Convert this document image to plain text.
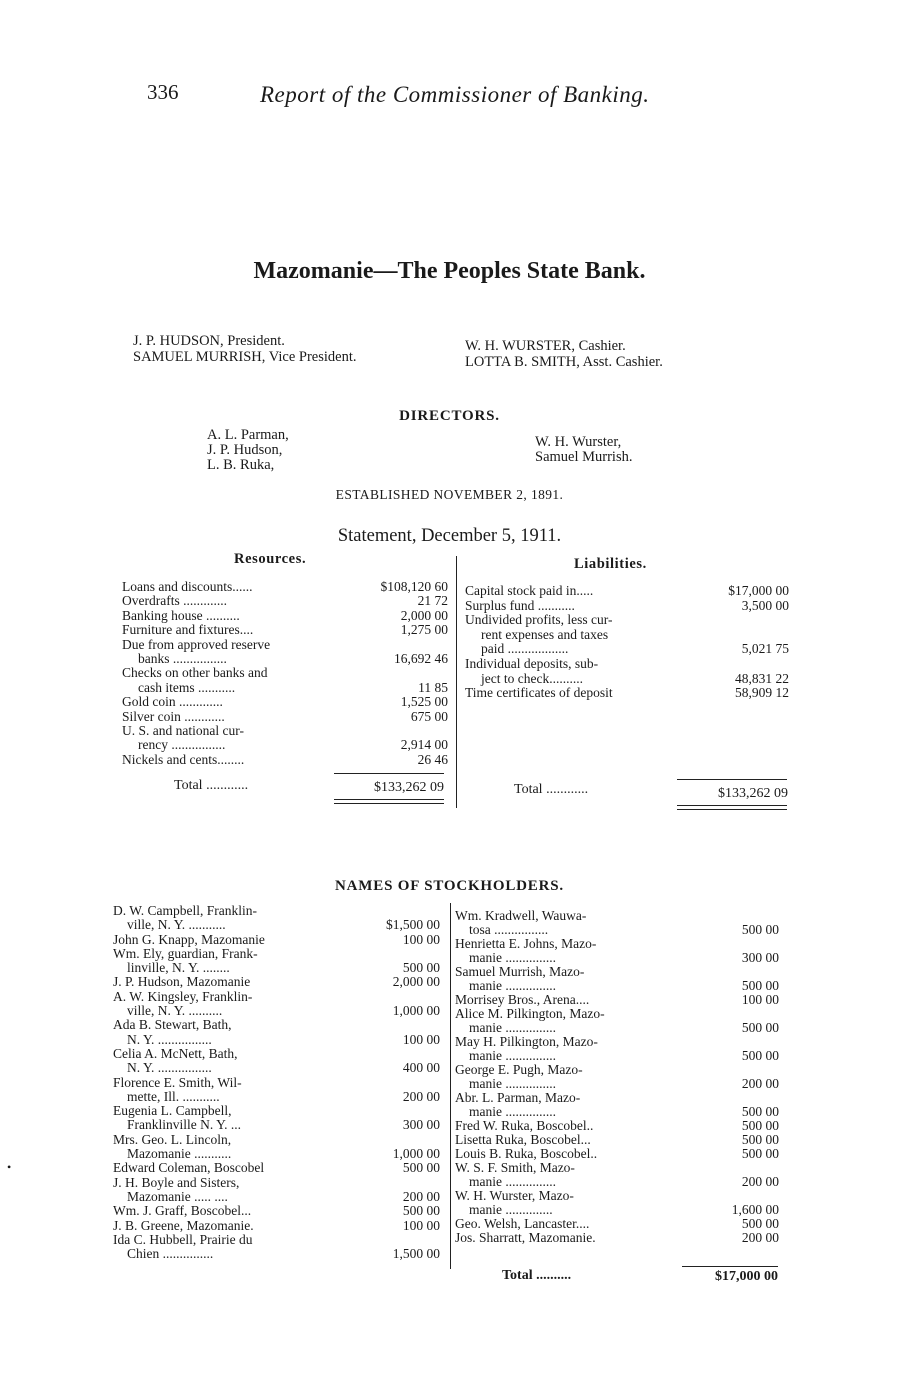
336	Report of the Commissioner of Banking.
Mazomanie—The Peoples State Bank.
J. P. HUDSON, President.
SAMUEL MURRISH, Vice President.
W. H. WURSTER, Cashier.
LOTTA B. SMITH, Asst. Cashier.
DIRECTORS.
A. L. Parman,
J. P. Hudson,
L. B. Ruka,
W. H. Wurster,
Samuel Murrish.
ESTABLISHED NOVEMBER 2, 1891.
Statement, December 5, 1911.
Resources.	Liabilities.
Loans and discounts......	$108,120 60
Overdrafts .............	21 72
Banking house ..........	2,000 00
Furniture and fixtures....	1,275 00
Due from approved reserve
banks ................	16,692 46
Checks on other banks and
cash items ...........	11 85
Gold coin .............	1,525 00
Silver coin ............	675 00
U. S. and national cur-
rency ................	2,914 00
Nickels and cents........	26 46
Capital stock paid in.....	$17,000 00
Surplus fund ...........	3,500 00
Undivided profits, less cur-
rent expenses and taxes
paid ..................	5,021 75
Individual deposits, sub-
ject to check..........	48,831 22
Time certificates of deposit	58,909 12
Total ............	$133,262 09	Total ............	$133,262 09
NAMES OF STOCKHOLDERS.
D. W. Campbell, Franklin-
ville, N. Y. ...........	$1,500 00
John G. Knapp, Mazomanie	100 00
Wm. Ely, guardian, Frank-
linville, N. Y. ........	500 00
J. P. Hudson, Mazomanie	2,000 00
A. W. Kingsley, Franklin-
ville, N. Y. ..........	1,000 00
Ada B. Stewart, Bath,
N. Y. ................	100 00
Celia A. McNett, Bath,
N. Y. ................	400 00
Florence E. Smith, Wil-
mette, Ill. ...........	200 00
Eugenia L. Campbell,
Franklinville N. Y. ...	300 00
Mrs. Geo. L. Lincoln,
Mazomanie ...........	1,000 00
Edward Coleman, Boscobel	500 00
J. H. Boyle and Sisters,
Mazomanie ..... ....	200 00
Wm. J. Graff, Boscobel...	500 00
J. B. Greene, Mazomanie.	100 00
Ida C. Hubbell, Prairie du
Chien ...............	1,500 00
Wm. Kradwell, Wauwa-
tosa ................	500 00
Henrietta E. Johns, Mazo-
manie ...............	300 00
Samuel Murrish, Mazo-
manie ...............	500 00
Morrisey Bros., Arena....	100 00
Alice M. Pilkington, Mazo-
manie ...............	500 00
May H. Pilkington, Mazo-
manie ...............	500 00
George E. Pugh, Mazo-
manie ...............	200 00
Abr. L. Parman, Mazo-
manie ...............	500 00
Fred W. Ruka, Boscobel..	500 00
Lisetta Ruka, Boscobel...	500 00
Louis B. Ruka, Boscobel..	500 00
W. S. F. Smith, Mazo-
manie ...............	200 00
W. H. Wurster, Mazo-
manie ..............	1,600 00
Geo. Welsh, Lancaster....	500 00
Jos. Sharratt, Mazomanie.	200 00
Total ..........	$17,000 00
•
